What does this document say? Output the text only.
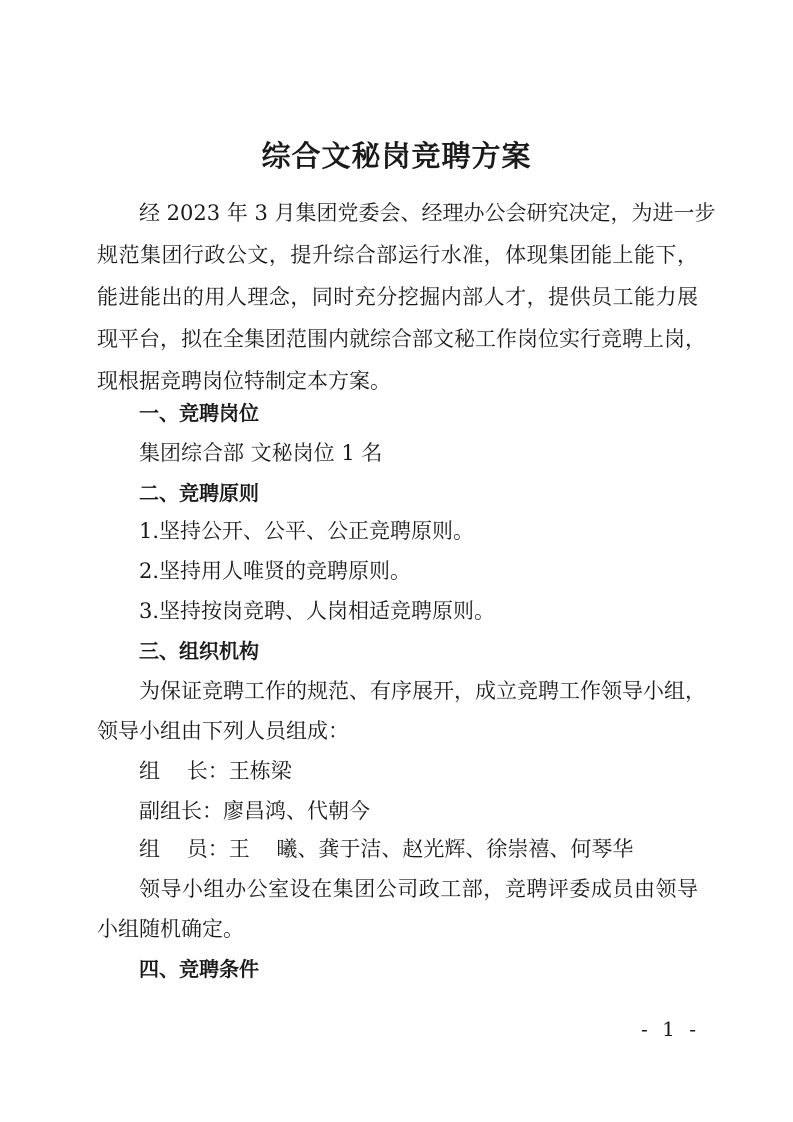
综合文秘岗竞聘方案
经 2023 年 3 月集团党委会、经理办公会研究决定，为进一步
规范集团行政公文，提升综合部运行水准，体现集团能上能下，
能进能出的用人理念，同时充分挖掘内部人才，提供员工能力展
现平台，拟在全集团范围内就综合部文秘工作岗位实行竞聘上岗，
现根据竞聘岗位特制定本方案。
一、竞聘岗位
集团综合部 文秘岗位 1 名
二、竞聘原则
1.坚持公开、公平、公正竞聘原则。
2.坚持用人唯贤的竞聘原则。
3.坚持按岗竞聘、人岗相适竞聘原则。
三、组织机构
为保证竞聘工作的规范、有序展开，成立竞聘工作领导小组，
领导小组由下列人员组成：
组    长：王栋梁
副组长：廖昌鸿、代朝今
组    员：王    曦、龚于洁、赵光辉、徐崇禧、何琴华
领导小组办公室设在集团公司政工部，竞聘评委成员由领导
小组随机确定。
四、竞聘条件
- 1 -
